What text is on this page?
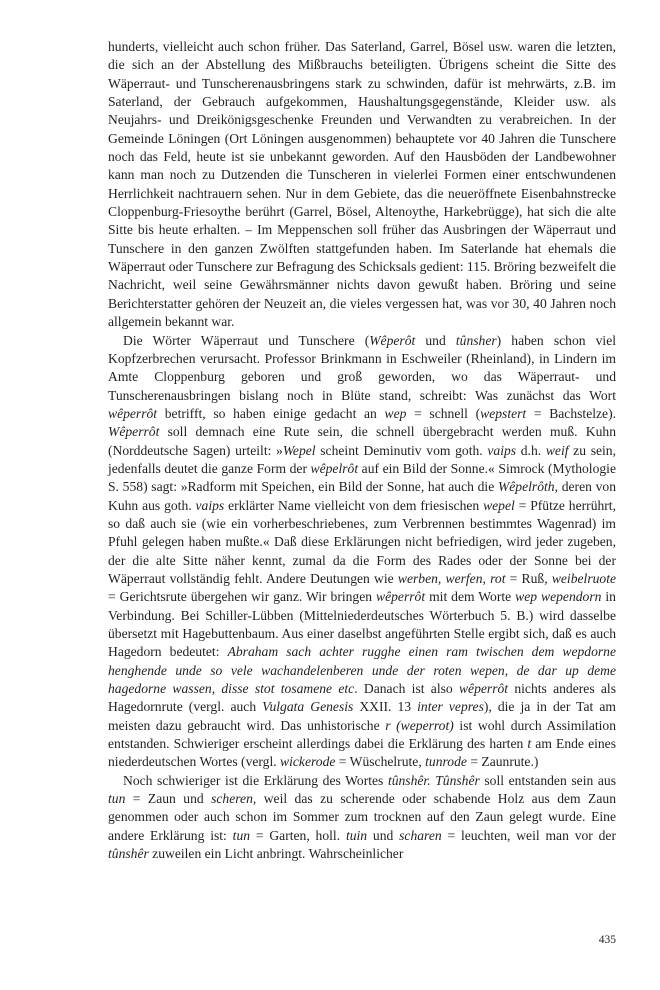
hunderts, vielleicht auch schon früher. Das Saterland, Garrel, Bösel usw. waren die letzten, die sich an der Abstellung des Mißbrauchs beteiligten. Übrigens scheint die Sitte des Wäperraut- und Tunscherenausbringens stark zu schwinden, dafür ist mehrwärts, z.B. im Saterland, der Gebrauch aufgekommen, Haushaltungsgegenstände, Kleider usw. als Neujahrs- und Dreikönigsgeschenke Freunden und Verwandten zu verabreichen. In der Gemeinde Löningen (Ort Löningen ausgenommen) behauptete vor 40 Jahren die Tunschere noch das Feld, heute ist sie unbekannt geworden. Auf den Hausböden der Landbewohner kann man noch zu Dutzenden die Tunscheren in vielerlei Formen einer entschwundenen Herrlichkeit nachtrauern sehen. Nur in dem Gebiete, das die neueröffnete Eisenbahnstrecke Cloppenburg-Friesoythe berührt (Garrel, Bösel, Altenoythe, Harkebrügge), hat sich die alte Sitte bis heute erhalten. – Im Meppenschen soll früher das Ausbringen der Wäperraut und Tunschere in den ganzen Zwölften stattgefunden haben. Im Saterlande hat ehemals die Wäperraut oder Tunschere zur Befragung des Schicksals gedient: 115. Bröring bezweifelt die Nachricht, weil seine Gewährsmänner nichts davon gewußt haben. Bröring und seine Berichterstatter gehören der Neuzeit an, die vieles vergessen hat, was vor 30, 40 Jahren noch allgemein bekannt war.

Die Wörter Wäperraut und Tunschere (Wêperôt und tûnsher) haben schon viel Kopfzerbrechen verursacht. Professor Brinkmann in Eschweiler (Rheinland), in Lindern im Amte Cloppenburg geboren und groß geworden, wo das Wäperraut- und Tunscherenausbringen bislang noch in Blüte stand, schreibt: Was zunächst das Wort wêperrôt betrifft, so haben einige gedacht an wep = schnell (wepstert = Bachstelze). Wêperrôt soll demnach eine Rute sein, die schnell übergebracht werden muß. Kuhn (Norddeutsche Sagen) urteilt: »Wepel scheint Deminutiv vom goth. vaips d.h. weif zu sein, jedenfalls deutet die ganze Form der wêpelrôt auf ein Bild der Sonne.« Simrock (Mythologie S. 558) sagt: »Radform mit Speichen, ein Bild der Sonne, hat auch die Wêpelrôth, deren von Kuhn aus goth. vaips erklärter Name vielleicht von dem friesischen wepel = Pfütze herrührt, so daß auch sie (wie ein vorherbeschriebenes, zum Verbrennen bestimmtes Wagenrad) im Pfuhl gelegen haben mußte.« Daß diese Erklärungen nicht befriedigen, wird jeder zugeben, der die alte Sitte näher kennt, zumal da die Form des Rades oder der Sonne bei der Wäperraut vollständig fehlt. Andere Deutungen wie werben, werfen, rot = Ruß, weibelruote = Gerichtsrute übergehen wir ganz. Wir bringen wêperrôt mit dem Worte wep wependorn in Verbindung. Bei Schiller-Lübben (Mittelniederdeutsches Wörterbuch 5. B.) wird dasselbe übersetzt mit Hagebuttenbaum. Aus einer daselbst angeführten Stelle ergibt sich, daß es auch Hagedorn bedeutet: Abraham sach achter rugghe einen ram twischen dem wepdorne henghende unde so vele wachandelenberen unde der roten wepen, de dar up deme hagedorne wassen, disse stot tosamene etc. Danach ist also wêperrôt nichts anderes als Hagedornrute (vergl. auch Vulgata Genesis XXII. 13 inter vepres), die ja in der Tat am meisten dazu gebraucht wird. Das unhistorische r (weperrot) ist wohl durch Assimilation entstanden. Schwieriger erscheint allerdings dabei die Erklärung des harten t am Ende eines niederdeutschen Wortes (vergl. wickerode = Wüschelrute, tunrode = Zaunrute.)

Noch schwieriger ist die Erklärung des Wortes tûnshêr. Tûnshêr soll entstanden sein aus tun = Zaun und scheren, weil das zu scherende oder schabende Holz aus dem Zaun genommen oder auch schon im Sommer zum trocknen auf den Zaun gelegt wurde. Eine andere Erklärung ist: tun = Garten, holl. tuin und scharen = leuchten, weil man vor der tûnshêr zuweilen ein Licht anbringt. Wahrscheinlicher

435
